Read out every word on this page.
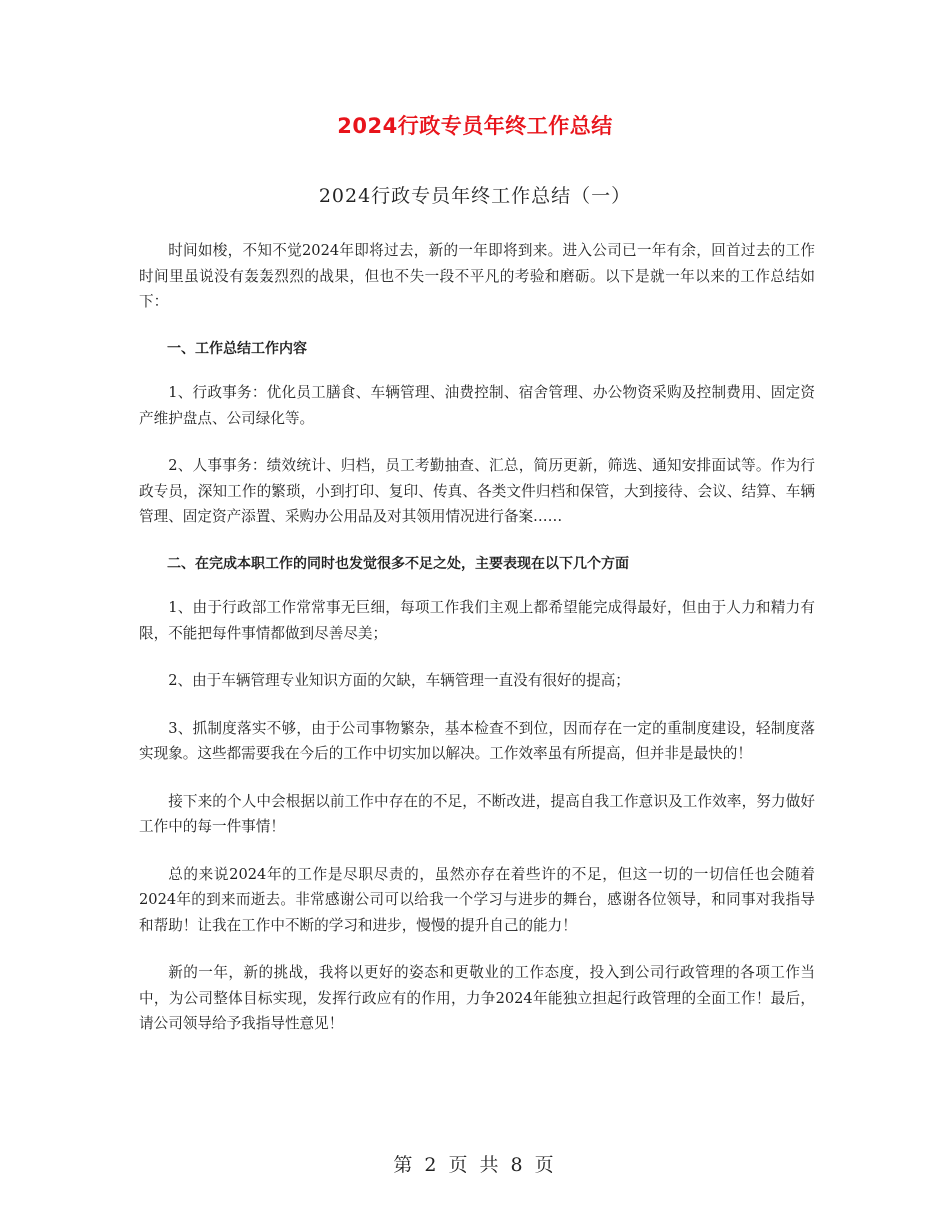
2024行政专员年终工作总结
2024行政专员年终工作总结（一）

时间如梭，不知不觉2024年即将过去，新的一年即将到来。进入公司已一年有余，回首过去的工作时间里虽说没有轰轰烈烈的战果，但也不失一段不平凡的考验和磨砺。以下是就一年以来的工作总结如下：

一、工作总结工作内容

1、行政事务：优化员工膳食、车辆管理、油费控制、宿舍管理、办公物资采购及控制费用、固定资产维护盘点、公司绿化等。

2、人事事务：绩效统计、归档，员工考勤抽查、汇总，简历更新，筛选、通知安排面试等。作为行政专员，深知工作的繁琐，小到打印、复印、传真、各类文件归档和保管，大到接待、会议、结算、车辆管理、固定资产添置、采购办公用品及对其领用情况进行备案……

二、在完成本职工作的同时也发觉很多不足之处，主要表现在以下几个方面

1、由于行政部工作常常事无巨细，每项工作我们主观上都希望能完成得最好，但由于人力和精力有限，不能把每件事情都做到尽善尽美；

2、由于车辆管理专业知识方面的欠缺，车辆管理一直没有很好的提高；

3、抓制度落实不够，由于公司事物繁杂，基本检查不到位，因而存在一定的重制度建设，轻制度落实现象。这些都需要我在今后的工作中切实加以解决。工作效率虽有所提高，但并非是最快的！

接下来的个人中会根据以前工作中存在的不足，不断改进，提高自我工作意识及工作效率，努力做好工作中的每一件事情！

总的来说2024年的工作是尽职尽责的，虽然亦存在着些许的不足，但这一切的一切信任也会随着2024年的到来而逝去。非常感谢公司可以给我一个学习与进步的舞台，感谢各位领导，和同事对我指导和帮助！让我在工作中不断的学习和进步，慢慢的提升自己的能力！

新的一年，新的挑战，我将以更好的姿态和更敬业的工作态度，投入到公司行政管理的各项工作当中，为公司整体目标实现，发挥行政应有的作用，力争2024年能独立担起行政管理的全面工作！最后，请公司领导给予我指导性意见！

第 2 页 共 8 页
